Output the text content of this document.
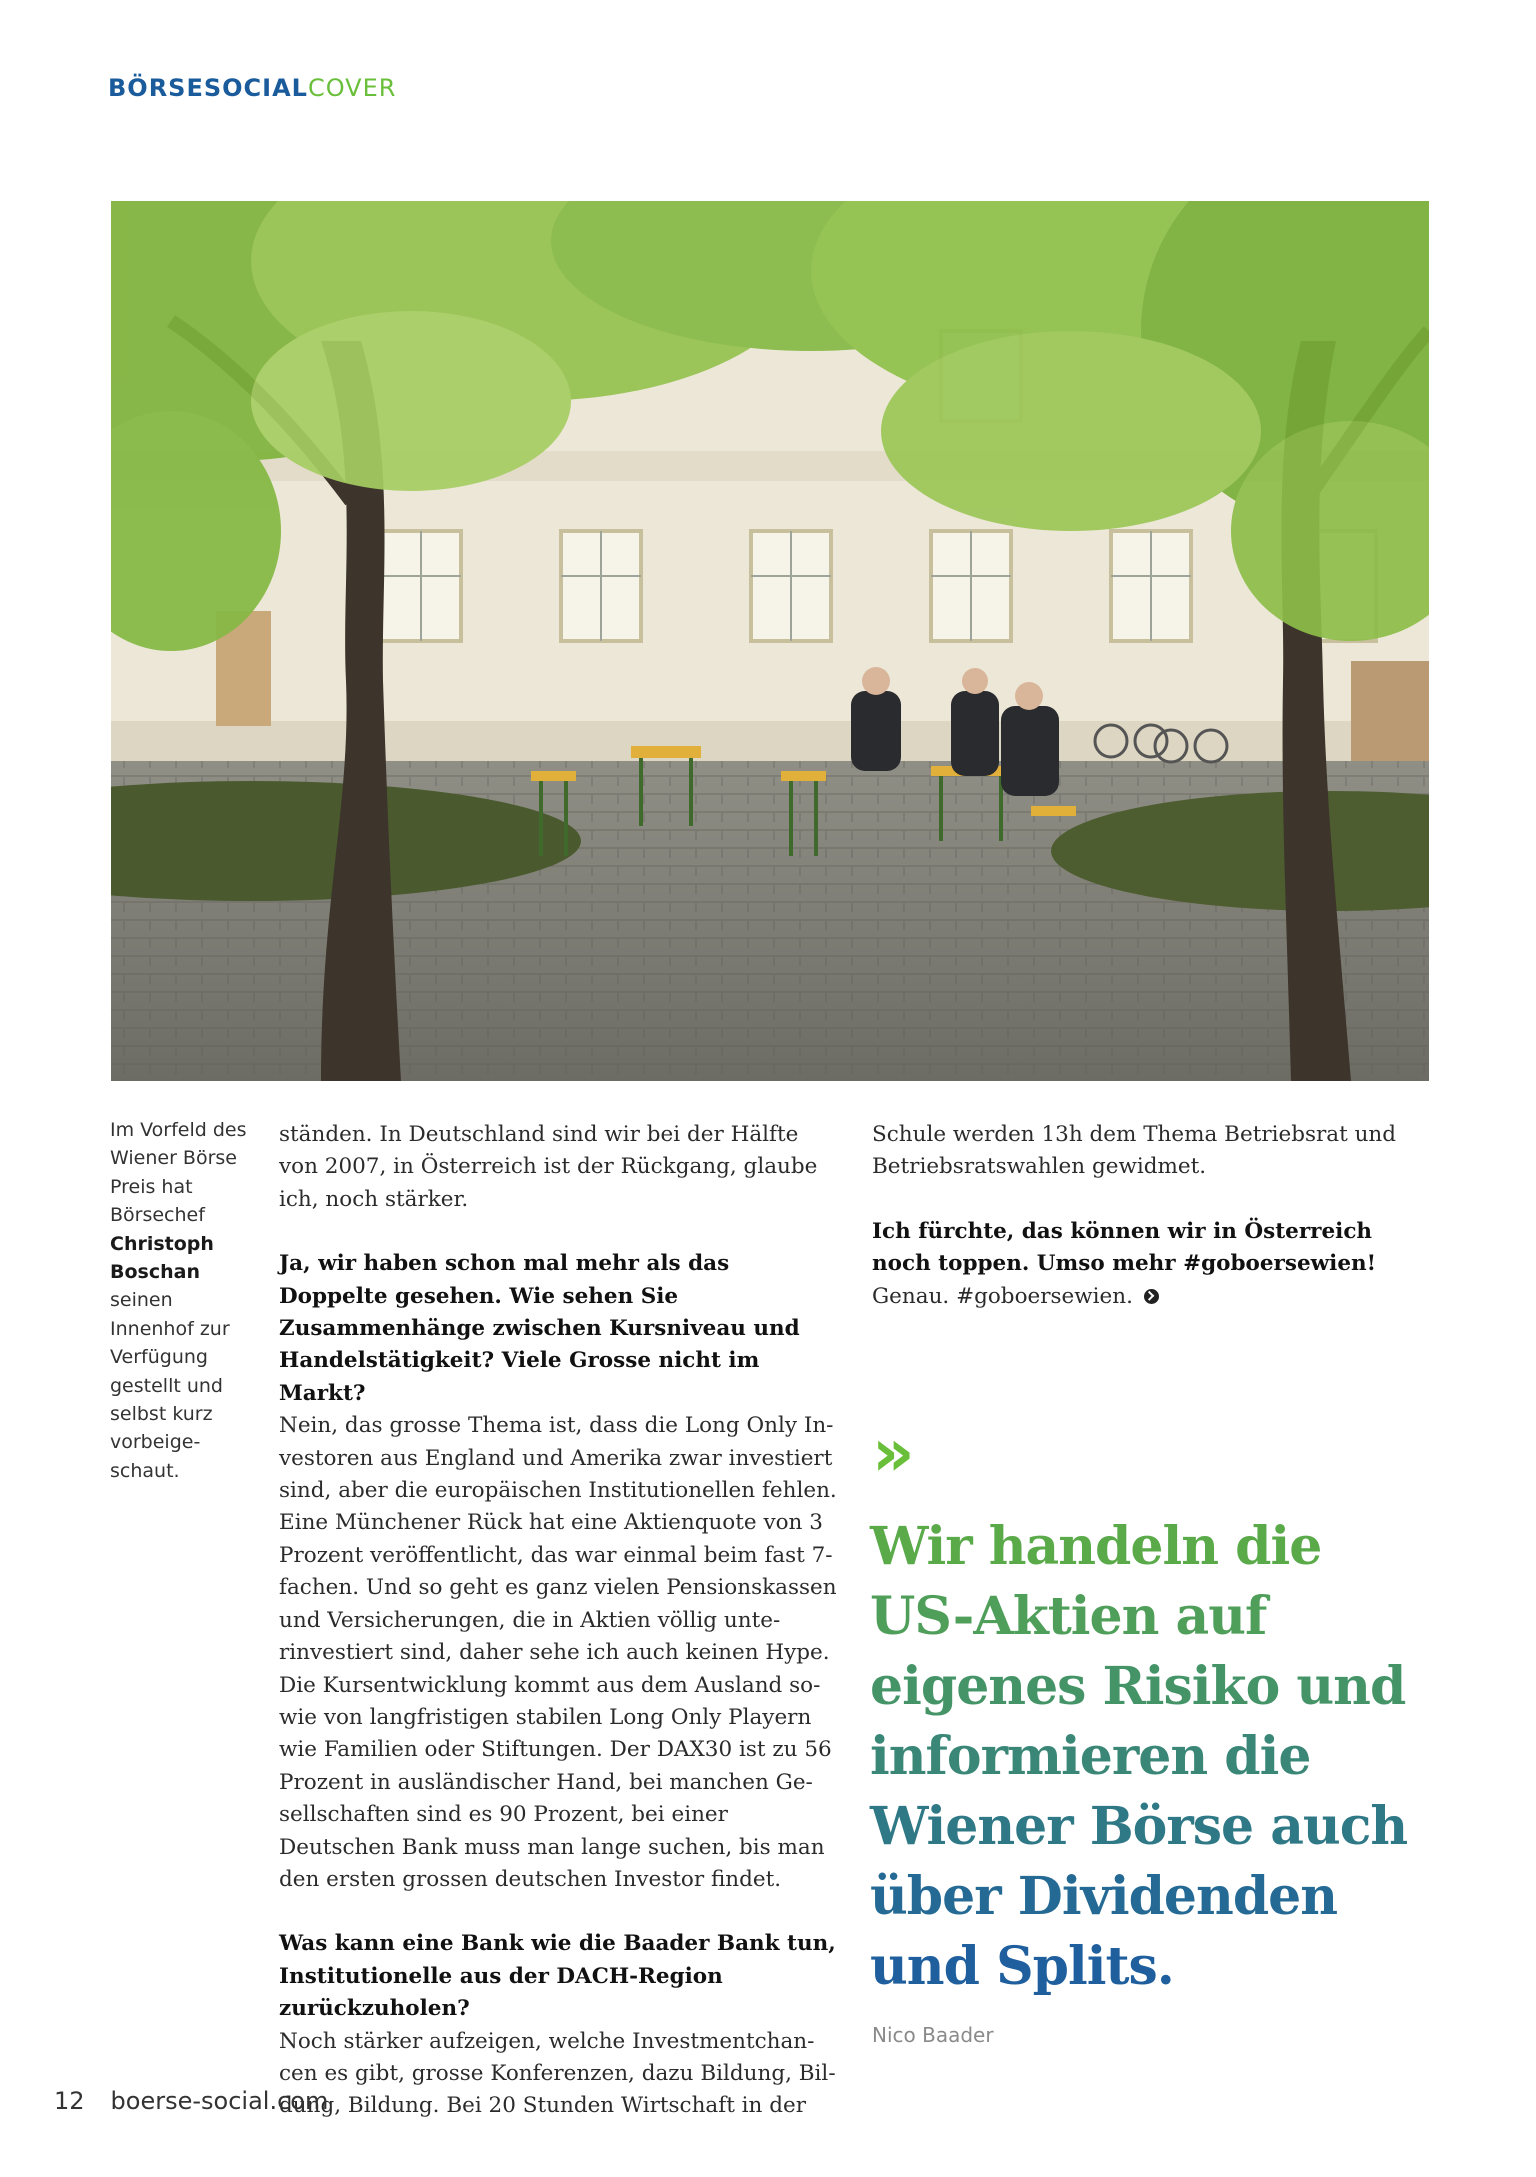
BÖRSESOCIALCOVER
Im Vorfeld des Wiener Börse Preis hat Börsechef Christoph Boschan seinen Innenhof zur Verfügung gestellt und selbst kurz vorbeigeschaut.

ständen. In Deutschland sind wir bei der Hälfte von 2007, in Österreich ist der Rückgang, glaube ich, noch stärker.

Ja, wir haben schon mal mehr als das Doppelte gesehen. Wie sehen Sie Zusammenhänge zwischen Kursniveau und Handelstätigkeit? Viele Grosse nicht im Markt?

Nein, das grosse Thema ist, dass die Long Only Investoren aus England und Amerika zwar investiert sind, aber die europäischen Institutionellen fehlen. Eine Münchener Rück hat eine Aktienquote von 3 Prozent veröffentlicht, das war einmal beim fast 7-fachen. Und so geht es ganz vielen Pensionskassen und Versicherungen, die in Aktien völlig unterinvestiert sind, daher sehe ich auch keinen Hype. Die Kursentwicklung kommt aus dem Ausland sowie von langfristigen stabilen Long Only Playern wie Familien oder Stiftungen. Der DAX30 ist zu 56 Prozent in ausländischer Hand, bei manchen Gesellschaften sind es 90 Prozent, bei einer Deutschen Bank muss man lange suchen, bis man den ersten grossen deutschen Investor findet.

Was kann eine Bank wie die Baader Bank tun, Institutionelle aus der DACH-Region zurückzuholen?

Noch stärker aufzeigen, welche Investmentchancen es gibt, grosse Konferenzen, dazu Bildung, Bildung, Bildung. Bei 20 Stunden Wirtschaft in der

Schule werden 13h dem Thema Betriebsrat und Betriebsratswahlen gewidmet.

Ich fürchte, das können wir in Österreich noch toppen. Umso mehr #goboersewien!

Genau. #goboersewien.

»
Wir handeln die
US-Aktien auf
eigenes Risiko und
informieren die
Wiener Börse auch
über Dividenden
und Splits.
Nico Baader
12 boerse-social.com
